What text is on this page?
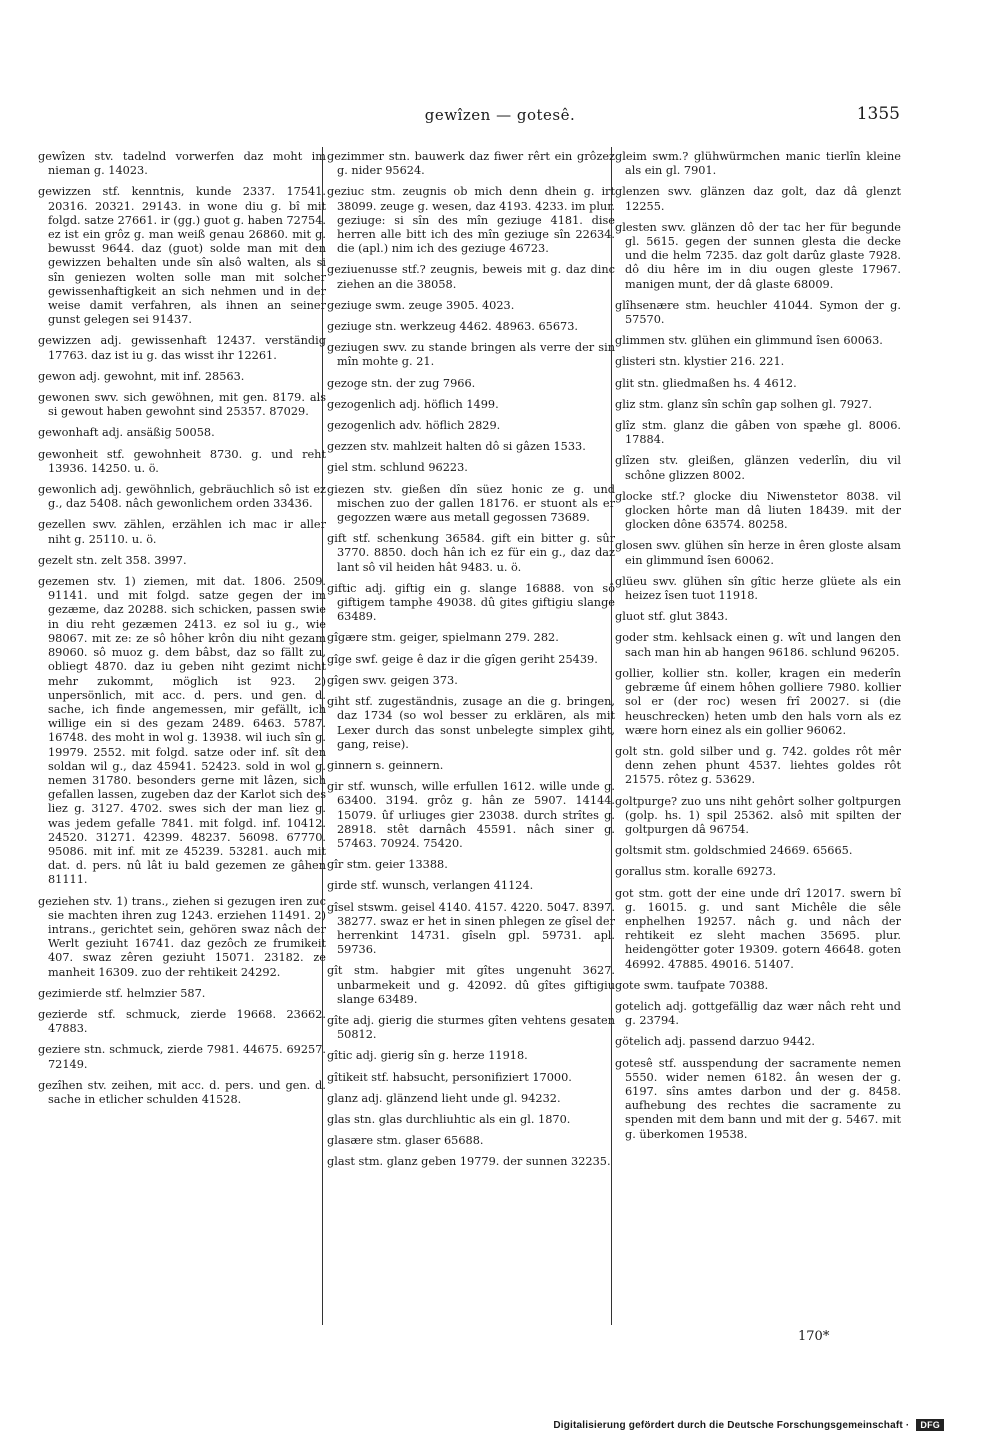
gewîzen — gotesê.	1355

gewîzen stv. tadelnd vorwerfen daz moht im nieman g. 14023.

gewizzen stf. kenntnis, kunde 2337. 17541. 20316. 20321. 29143. in wone diu g. bî mit folgd. satze 27661. ir (gg.) guot g. haben 72754. ez ist ein grôz g. man weiß genau 26860. mit g. bewusst 9644. daz (guot) solde man mit den gewizzen behalten unde sîn alsô walten, als si sîn geniezen wolten solle man mit solcher gewissenhaftigkeit an sich nehmen und in der weise damit verfahren, als ihnen an seiner gunst gelegen sei 91437.

gewizzen adj. gewissenhaft 12437. verständig 17763. daz ist iu g. das wisst ihr 12261.

gewon adj. gewohnt, mit inf. 28563.

gewonen swv. sich gewöhnen, mit gen. 8179. als si gewout haben gewohnt sind 25357. 87029.

gewonhaft adj. ansäßig 50058.

gewonheit stf. gewohnheit 8730. g. und reht 13936. 14250. u. ö.

gewonlich adj. gewöhnlich, gebräuchlich sô ist ez g., daz 5408. nâch gewonlichem orden 33436.

gezellen swv. zählen, erzählen ich mac ir aller niht g. 25110. u. ö.

gezelt stn. zelt 358. 3997.

gezemen stv. 1) ziemen, mit dat. 1806. 2509. 91141. und mit folgd. satze gegen der im gezæme, daz 20288. sich schicken, passen swie in diu reht gezæmen 2413. ez sol iu g., wie 98067. mit ze: ze sô hôher krôn diu niht gezam 89060. sô muoz g. dem bâbst, daz so fällt zu, obliegt 4870. daz iu geben niht gezimt nicht mehr zukommt, möglich ist 923. 2) unpersönlich, mit acc. d. pers. und gen. d. sache, ich finde angemessen, mir gefällt, ich willige ein si des gezam 2489. 6463. 5787. 16748. des moht in wol g. 13938. wil iuch sîn g. 19979. 2552. mit folgd. satze oder inf. sît den soldan wil g., daz 45941. 52423. sold in wol g. nemen 31780. besonders gerne mit lâzen, sich gefallen lassen, zugeben daz der Karlot sich des liez g. 3127. 4702. swes sich der man liez g. was jedem gefalle 7841. mit folgd. inf. 10412. 24520. 31271. 42399. 48237. 56098. 67770. 95086. mit inf. mit ze 45239. 53281. auch mit dat. d. pers. nû lât iu bald gezemen ze gâhen 81111.

geziehen stv. 1) trans., ziehen si gezugen iren zuc sie machten ihren zug 1243. erziehen 11491. 2) intrans., gerichtet sein, gehören swaz nâch der Werlt geziuht 16741. daz gezôch ze frumikeit 407. swaz zêren geziuht 15071. 23182. ze manheit 16309. zuo der rehtikeit 24292.

gezimierde stf. helmzier 587.

gezierde stf. schmuck, zierde 19668. 23662. 47883.

geziere stn. schmuck, zierde 7981. 44675. 69257. 72149.

gezîhen stv. zeihen, mit acc. d. pers. und gen. d. sache in etlicher schulden 41528.

gezimmer stn. bauwerk daz fiwer rêrt ein grôzez g. nider 95624.

geziuc stm. zeugnis ob mich denn dhein g. irt 38099. zeuge g. wesen, daz 4193. 4233. im plur. geziuge: si sîn des mîn geziuge 4181. dise herren alle bitt ich des mîn geziuge sîn 22634. die (apl.) nim ich des geziuge 46723.

geziuenusse stf.? zeugnis, beweis mit g. daz dinc ziehen an die 38058.

geziuge swm. zeuge 3905. 4023.

geziuge stn. werkzeug 4462. 48963. 65673.

geziugen swv. zu stande bringen als verre der sin mîn mohte g. 21.

gezoge stn. der zug 7966.

gezogenlich adj. höflich 1499.

gezogenlich adv. höflich 2829.

gezzen stv. mahlzeit halten dô si gâzen 1533.

giel stm. schlund 96223.

giezen stv. gießen dîn süez honic ze g. und mischen zuo der gallen 18176. er stuont als er gegozzen wære aus metall gegossen 73689.

gift stf. schenkung 36584. gift ein bitter g. sûr 3770. 8850. doch hân ich ez für ein g., daz daz lant sô vil heiden hât 9483. u. ö.

giftic adj. giftig ein g. slange 16888. von sô giftigem tamphe 49038. dû gites giftigiu slange 63489.

gîgære stm. geiger, spielmann 279. 282.

gîge swf. geige ê daz ir die gîgen geriht 25439.

gîgen swv. geigen 373.

giht stf. zugeständnis, zusage an die g. bringen, daz 1734 (so wol besser zu erklären, als mit Lexer durch das sonst unbelegte simplex giht, gang, reise).

ginnern s. geinnern.

gir stf. wunsch, wille erfullen 1612. wille unde g. 63400. 3194. grôz g. hân ze 5907. 14144. 15079. ûf urliuges gier 23038. durch strîtes g. 28918. stêt darnâch 45591. nâch siner g. 57463. 70924. 75420.

gîr stm. geier 13388.

girde stf. wunsch, verlangen 41124.

gîsel stswm. geisel 4140. 4157. 4220. 5047. 8397. 38277. swaz er het in sinen phlegen ze gîsel der herrenkint 14731. gîseln gpl. 59731. apl. 59736.

gît stm. habgier mit gîtes ungenuht 3627. unbarmekeit und g. 42092. dû gîtes giftigiu slange 63489.

gîte adj. gierig die sturmes gîten vehtens gesaten 50812.

gîtic adj. gierig sîn g. herze 11918.

gîtikeit stf. habsucht, personifiziert 17000.

glanz adj. glänzend lieht unde gl. 94232.

glas stn. glas durchliuhtic als ein gl. 1870.

glasære stm. glaser 65688.

glast stm. glanz geben 19779. der sunnen 32235.

gleim swm.? glühwürmchen manic tierlîn kleine als ein gl. 7901.

glenzen swv. glänzen daz golt, daz dâ glenzt 12255.

glesten swv. glänzen dô der tac her für begunde gl. 5615. gegen der sunnen glesta die decke und die helm 7235. daz golt darûz glaste 7928. dô diu hêre im in diu ougen gleste 17967. manigen munt, der dâ glaste 68009.

glîhsenære stm. heuchler 41044. Symon der g. 57570.

glimmen stv. glühen ein glimmund îsen 60063.

glisteri stn. klystier 216. 221.

glit stn. gliedmaßen hs. 4 4612.

gliz stm. glanz sîn schîn gap solhen gl. 7927.

glîz stm. glanz die gâben von spæhe gl. 8006. 17884.

glîzen stv. gleißen, glänzen vederlîn, diu vil schône glizzen 8002.

glocke stf.? glocke diu Niwenstetor 8038. vil glocken hôrte man dâ liuten 18439. mit der glocken dône 63574. 80258.

glosen swv. glühen sîn herze in êren gloste alsam ein glimmund îsen 60062.

glüeu swv. glühen sîn gîtic herze glüete als ein heizez îsen tuot 11918.

gluot stf. glut 3843.

goder stm. kehlsack einen g. wît und langen den sach man hin ab hangen 96186. schlund 96205.

gollier, kollier stn. koller, kragen ein mederîn gebræme ûf einem hôhen golliere 7980. kollier sol er (der roc) wesen frî 20027. si (die heuschrecken) heten umb den hals vorn als ez wære horn einez als ein gollier 96062.

golt stn. gold silber und g. 742. goldes rôt mêr denn zehen phunt 4537. liehtes goldes rôt 21575. rôtez g. 53629.

goltpurge? zuo uns niht gehôrt solher goltpurgen (golp. hs. 1) spil 25362. alsô mit spilten der goltpurgen dâ 96754.

goltsmit stm. goldschmied 24669. 65665.

gorallus stm. koralle 69273.

got stm. gott der eine unde drî 12017. swern bî g. 16015. g. und sant Michêle die sêle enphelhen 19257. nâch g. und nâch der rehtikeit ez sleht machen 35695. plur. heidengötter goter 19309. gotern 46648. goten 46992. 47885. 49016. 51407.

gote swm. taufpate 70388.

gotelich adj. gottgefällig daz wær nâch reht und g. 23794.

götelich adj. passend darzuo 9442.

gotesê stf. ausspendung der sacramente nemen 5550. wider nemen 6182. ân wesen der g. 6197. sîns amtes darbon und der g. 8458. aufhebung des rechtes die sacramente zu spenden mit dem bann und mit der g. 5467. mit g. überkomen 19538.

170*
Digitalisierung gefördert durch die Deutsche Forschungsgemeinschaft · DFG
